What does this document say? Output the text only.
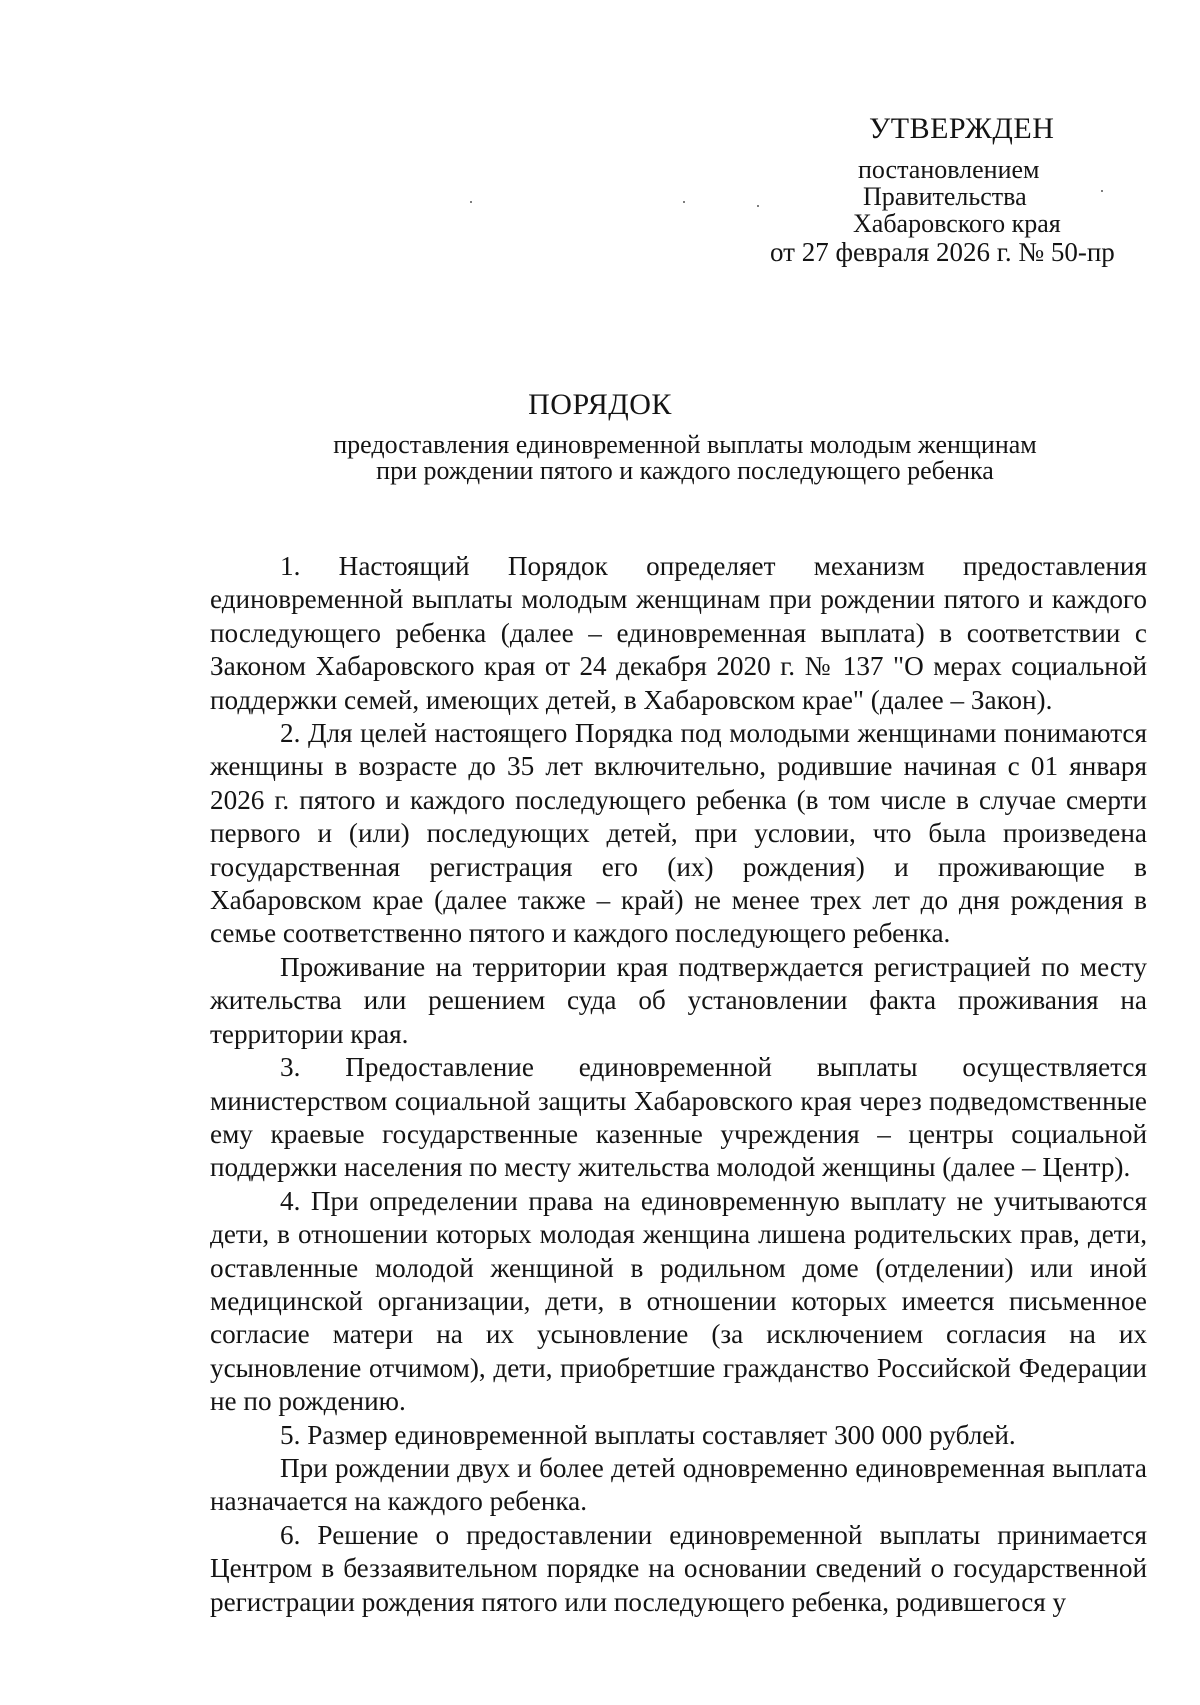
УТВЕРЖДЕН
постановлением
Правительства
Хабаровского края
от 27 февраля 2026 г. № 50-пр
ПОРЯДОК
предоставления единовременной выплаты молодым женщинам
при рождении пятого и каждого последующего ребенка

1. Настоящий Порядок определяет механизм предоставления единовременной выплаты молодым женщинам при рождении пятого и каждого последующего ребенка (далее – единовременная выплата) в соответствии с Законом Хабаровского края от 24 декабря 2020 г. № 137 "О мерах социальной поддержки семей, имеющих детей, в Хабаровском крае" (далее – Закон).

2. Для целей настоящего Порядка под молодыми женщинами понимаются женщины в возрасте до 35 лет включительно, родившие начиная с 01 января 2026 г. пятого и каждого последующего ребенка (в том числе в случае смерти первого и (или) последующих детей, при условии, что была произведена государственная регистрация его (их) рождения) и проживающие в Хабаровском крае (далее также – край) не менее трех лет до дня рождения в семье соответственно пятого и каждого последующего ребенка.

Проживание на территории края подтверждается регистрацией по месту жительства или решением суда об установлении факта проживания на территории края.

3. Предоставление единовременной выплаты осуществляется министерством социальной защиты Хабаровского края через подведомственные ему краевые государственные казенные учреждения – центры социальной поддержки населения по месту жительства молодой женщины (далее – Центр).

4. При определении права на единовременную выплату не учитываются дети, в отношении которых молодая женщина лишена родительских прав, дети, оставленные молодой женщиной в родильном доме (отделении) или иной медицинской организации, дети, в отношении которых имеется письменное согласие матери на их усыновление (за исключением согласия на их усыновление отчимом), дети, приобретшие гражданство Российской Федерации не по рождению.

5. Размер единовременной выплаты составляет 300 000 рублей.

При рождении двух и более детей одновременно единовременная выплата назначается на каждого ребенка.

6. Решение о предоставлении единовременной выплаты принимается Центром в беззаявительном порядке на основании сведений о государственной регистрации рождения пятого или последующего ребенка, родившегося у
